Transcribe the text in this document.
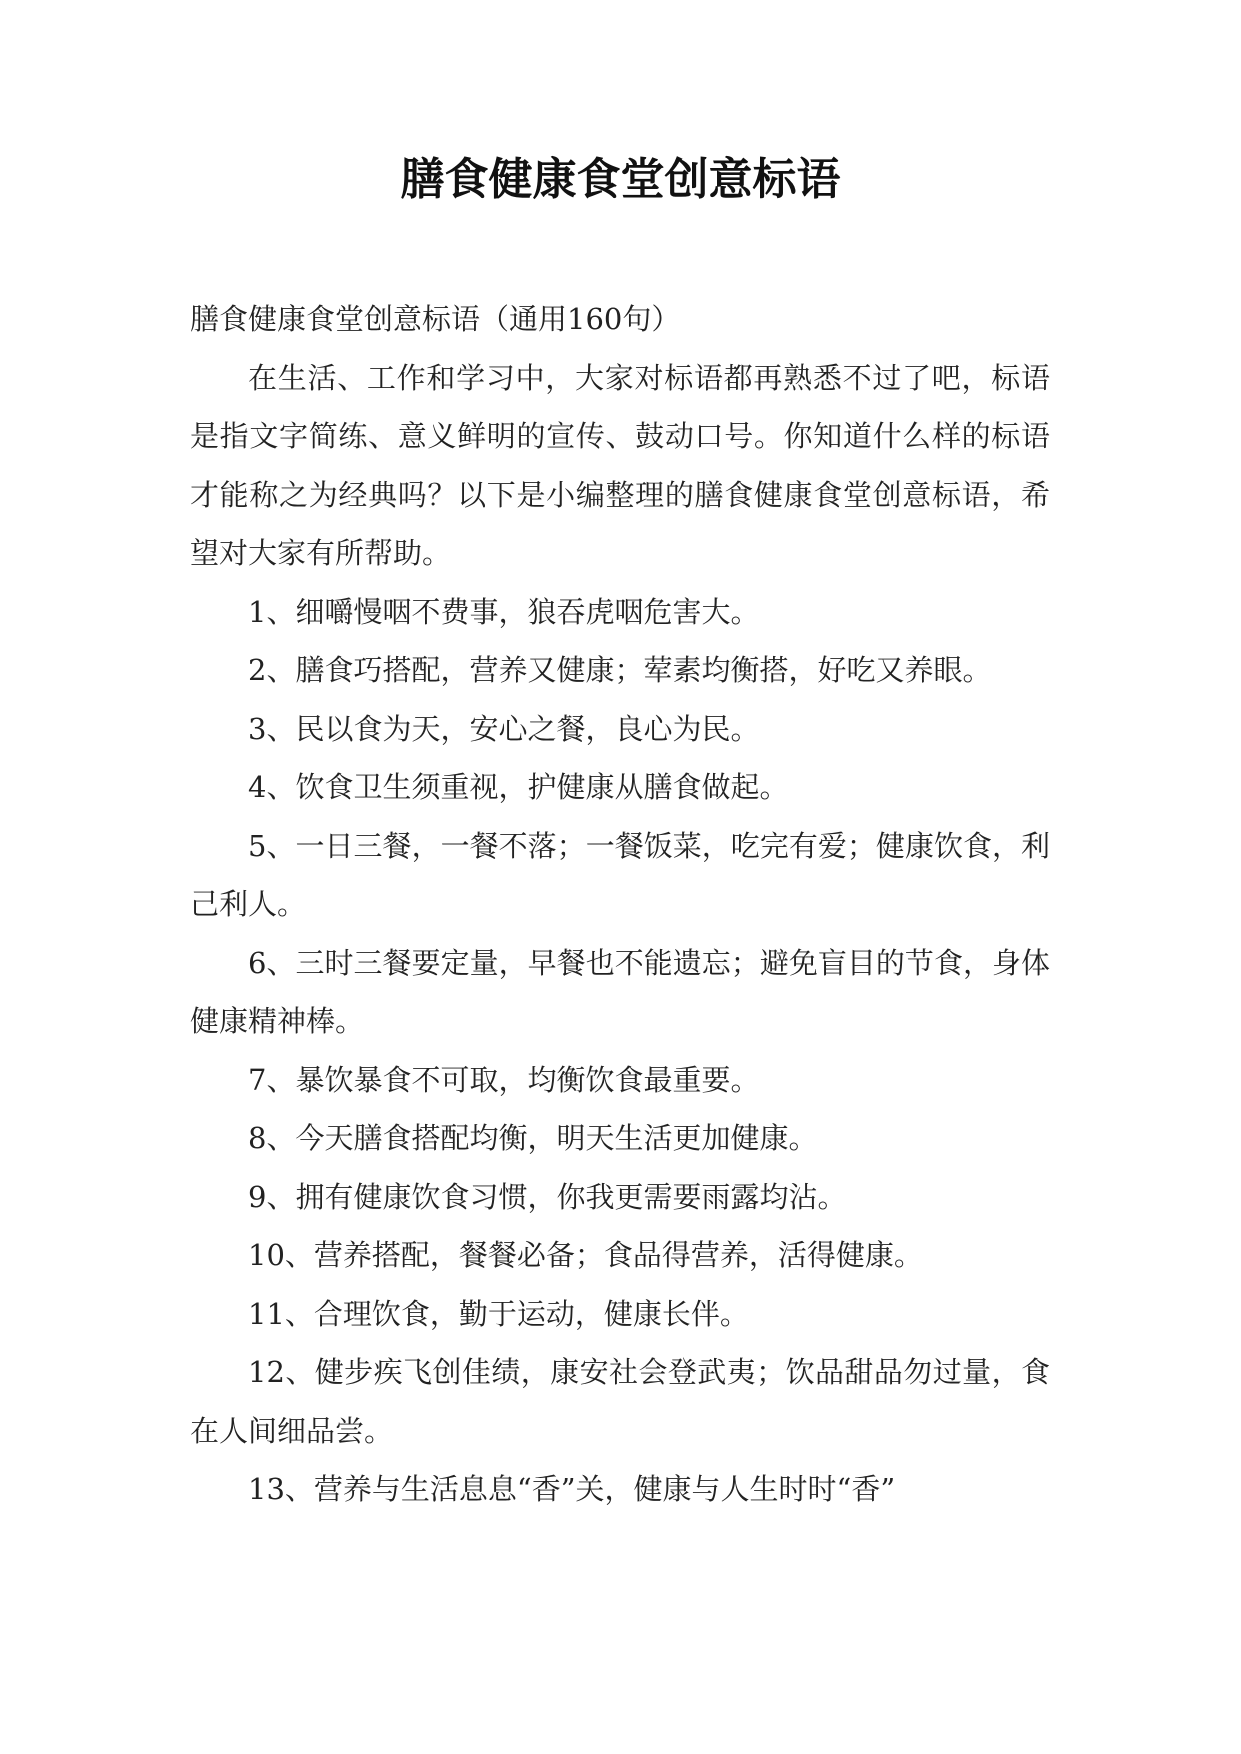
膳食健康食堂创意标语

膳食健康食堂创意标语（通用160句）

在生活、工作和学习中，大家对标语都再熟悉不过了吧，标语是指文字简练、意义鲜明的宣传、鼓动口号。你知道什么样的标语才能称之为经典吗？以下是小编整理的膳食健康食堂创意标语，希望对大家有所帮助。

1、细嚼慢咽不费事，狼吞虎咽危害大。

2、膳食巧搭配，营养又健康；荤素均衡搭，好吃又养眼。

3、民以食为天，安心之餐，良心为民。

4、饮食卫生须重视，护健康从膳食做起。

5、一日三餐，一餐不落；一餐饭菜，吃完有爱；健康饮食，利己利人。

6、三时三餐要定量，早餐也不能遗忘；避免盲目的节食，身体健康精神棒。

7、暴饮暴食不可取，均衡饮食最重要。

8、今天膳食搭配均衡，明天生活更加健康。

9、拥有健康饮食习惯，你我更需要雨露均沾。

10、营养搭配，餐餐必备；食品得营养，活得健康。

11、合理饮食，勤于运动，健康长伴。

12、健步疾飞创佳绩，康安社会登武夷；饮品甜品勿过量，食在人间细品尝。

13、营养与生活息息“香”关，健康与人生时时“香”
